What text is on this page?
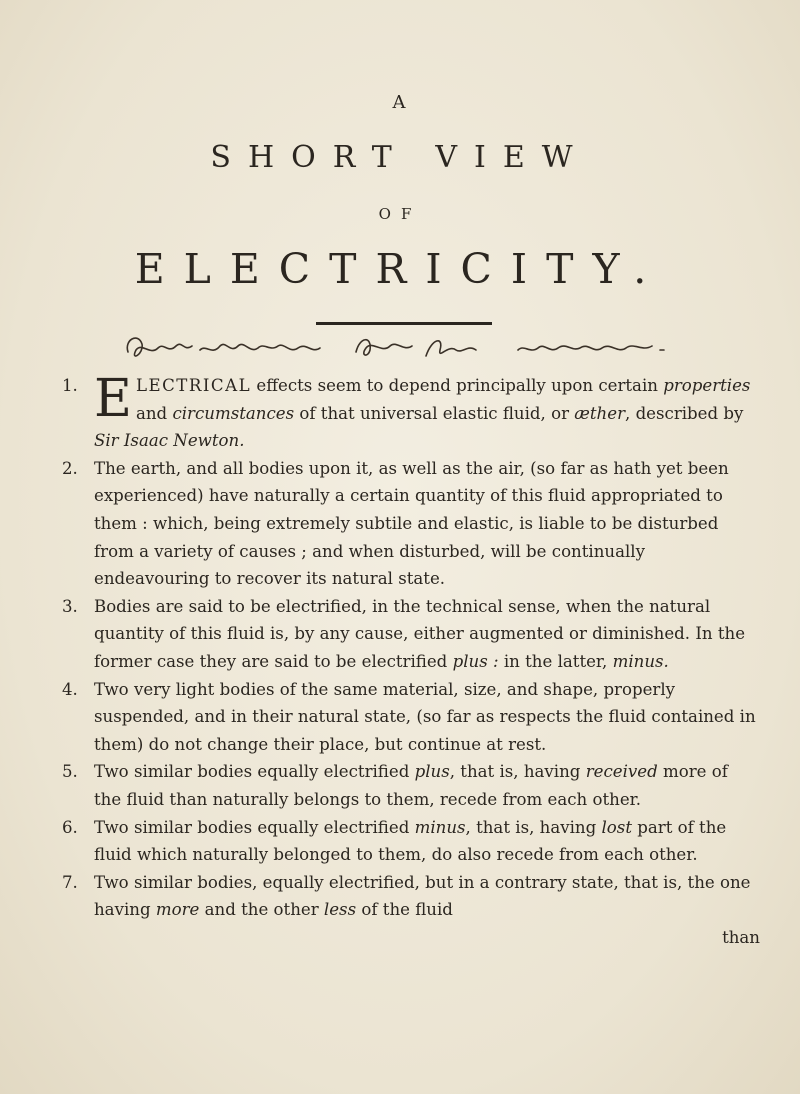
A
SHORT VIEW
OF
ELECTRICITY.
1. E LECTRICAL effects seem to depend principally upon certain properties and circumstances of that universal elastic fluid, or æther, described by Sir Isaac Newton.
2. The earth, and all bodies upon it, as well as the air, (so far as hath yet been experienced) have naturally a certain quantity of this fluid appropriated to them : which, being extremely subtile and elastic, is liable to be disturbed from a variety of causes ; and when disturbed, will be continually endeavouring to recover its natural state.
3. Bodies are said to be electrified, in the technical sense, when the natural quantity of this fluid is, by any cause, either augmented or diminished. In the former case they are said to be electrified plus : in the latter, minus.
4. Two very light bodies of the same material, size, and shape, properly suspended, and in their natural state, (so far as respects the fluid contained in them) do not change their place, but continue at rest.
5. Two similar bodies equally electrified plus, that is, having received more of the fluid than naturally belongs to them, recede from each other.
6. Two similar bodies equally electrified minus, that is, having lost part of the fluid which naturally belonged to them, do also recede from each other.
7. Two similar bodies, equally electrified, but in a contrary state, that is, the one having more and the other less of the fluid
than
